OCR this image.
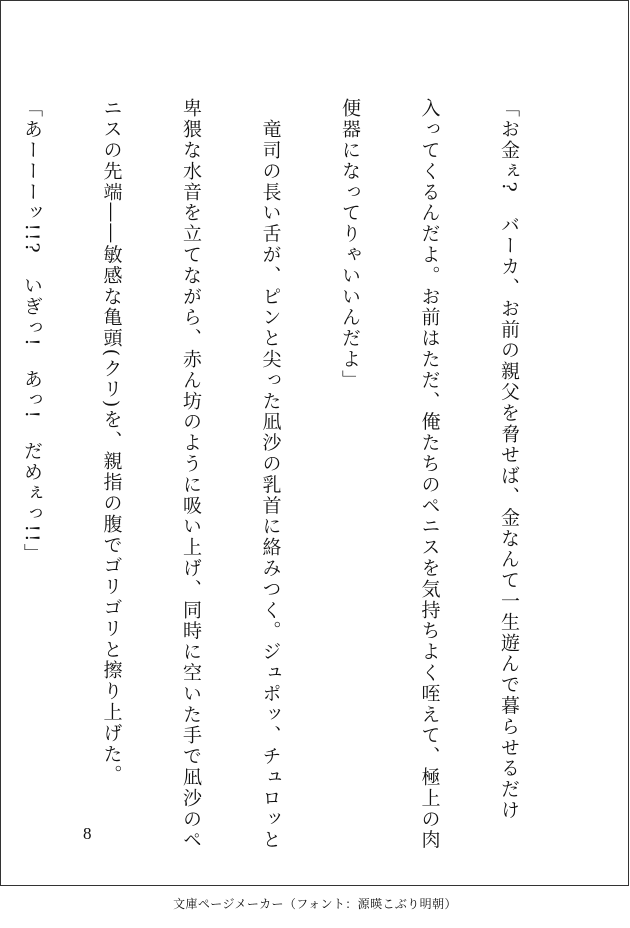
「お金ぇ?　バーカ、お前の親父を脅せば、金なんて一生遊んで暮らせるだけ

入ってくるんだよ。お前はただ、俺たちのペニスを気持ちよく咥えて、極上の肉

便器になってりゃいいんだよ」

　竜司の長い舌が、ピンと尖った凪沙の乳首に絡みつく。ジュポッ、チュロッと

卑猥な水音を立てながら、赤ん坊のように吸い上げ、同時に空いた手で凪沙のペ

ニスの先端――敏感な亀頭(クリ)を、親指の腹でゴリゴリと擦り上げた。

「あーーーッ!!?　いぎっ!　あっ!　だめぇっ!!」

8
文庫ページメーカー（フォント：源暎こぶり明朝）
